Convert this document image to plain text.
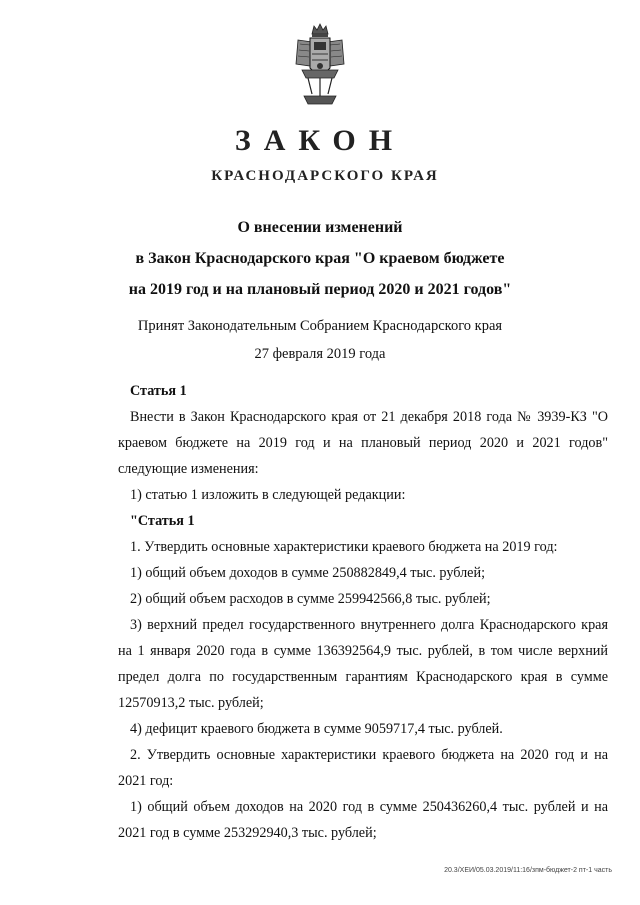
ЗАКОН
КРАСНОДАРСКОГО КРАЯ
О внесении изменений
в Закон Краснодарского края "О краевом бюджете
на 2019 год и на плановый период 2020 и 2021 годов"
Принят Законодательным Собранием Краснодарского края
27 февраля 2019 года

Статья 1

Внести в Закон Краснодарского края от 21 декабря 2018 года № 3939-КЗ "О краевом бюджете на 2019 год и на плановый период 2020 и 2021 годов" следующие изменения:

1) статью 1 изложить в следующей редакции:

"Статья 1

1. Утвердить основные характеристики краевого бюджета на 2019 год:

1) общий объем доходов в сумме 250882849,4 тыс. рублей;

2) общий объем расходов в сумме 259942566,8 тыс. рублей;

3) верхний предел государственного внутреннего долга Краснодарского края на 1 января 2020 года в сумме 136392564,9 тыс. рублей, в том числе верхний предел долга по государственным гарантиям Краснодарского края в сумме 12570913,2 тыс. рублей;

4) дефицит краевого бюджета в сумме 9059717,4 тыс. рублей.

2. Утвердить основные характеристики краевого бюджета на 2020 год и на 2021 год:

1) общий объем доходов на 2020 год в сумме 250436260,4 тыс. рублей и на 2021 год в сумме 253292940,3 тыс. рублей;

20.3/ХЕИ/05.03.2019/11:16/зпм-бюджет-2 пт-1 часть
